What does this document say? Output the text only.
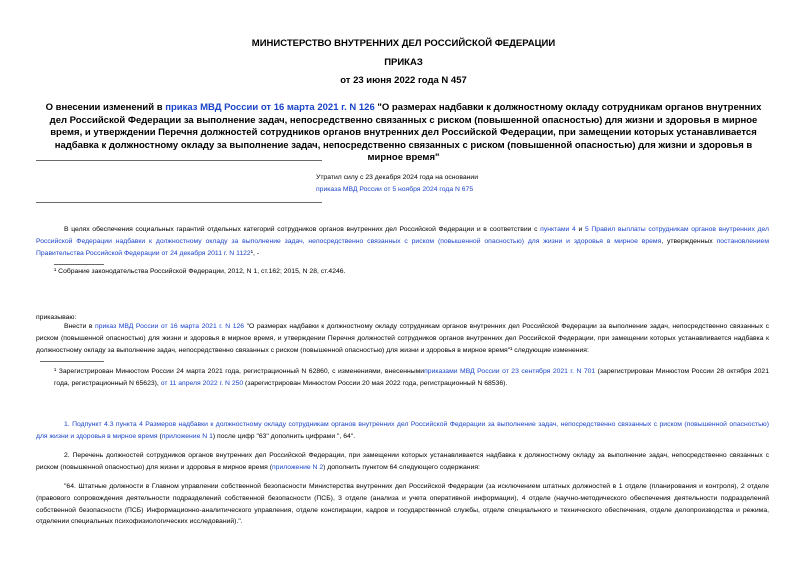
МИНИСТЕРСТВО ВНУТРЕННИХ ДЕЛ РОССИЙСКОЙ ФЕДЕРАЦИИ
ПРИКАЗ
от 23 июня 2022 года N 457
О внесении изменений в приказ МВД России от 16 марта 2021 г. N 126 "О размерах надбавки к должностному окладу сотрудникам органов внутренних дел Российской Федерации за выполнение задач, непосредственно связанных с риском (повышенной опасностью) для жизни и здоровья в мирное время, и утверждении Перечня должностей сотрудников органов внутренних дел Российской Федерации, при замещении которых устанавливается надбавка к должностному окладу за выполнение задач, непосредственно связанных с риском (повышенной опасностью) для жизни и здоровья в мирное время"
Утратил силу с 23 декабря 2024 года на основании
приказа МВД России от 5 ноября 2024 года N 675
В целях обеспечения социальных гарантий отдельных категорий сотрудников органов внутренних дел Российской Федерации и в соответствии с пунктами 4 и 5 Правил выплаты сотрудникам органов внутренних дел Российской Федерации надбавки к должностному окладу за выполнение задач, непосредственно связанных с риском (повышенной опасностью) для жизни и здоровья в мирное время, утвержденных постановлением Правительства Российской Федерации от 24 декабря 2011 г. N 1122¹, -
¹ Собрание законодательства Российской Федерации, 2012, N 1, ст.162; 2015, N 28, ст.4246.
приказываю:
Внести в приказ МВД России от 16 марта 2021 г. N 126 "О размерах надбавки к должностному окладу сотрудникам органов внутренних дел Российской Федерации за выполнение задач, непосредственно связанных с риском (повышенной опасностью) для жизни и здоровья в мирное время, и утверждении Перечня должностей сотрудников органов внутренних дел Российской Федерации, при замещении которых устанавливается надбавка к должностному окладу за выполнение задач, непосредственно связанных с риском (повышенной опасностью) для жизни и здоровья в мирное время"¹ следующие изменения:
¹ Зарегистрирован Минюстом России 24 марта 2021 года, регистрационный N 62860, с изменениями, внесеннымиприказами МВД России от 23 сентября 2021 г. N 701 (зарегистрирован Минюстом России 28 октября 2021 года, регистрационный N 65623), от 11 апреля 2022 г. N 250 (зарегистрирован Минюстом России 20 мая 2022 года, регистрационный N 68536).
1. Подпункт 4.3 пункта 4 Размеров надбавки к должностному окладу сотрудникам органов внутренних дел Российской Федерации за выполнение задач, непосредственно связанных с риском (повышенной опасностью) для жизни и здоровья в мирное время (приложение N 1) после цифр "63" дополнить цифрами ", 64".
2. Перечень должностей сотрудников органов внутренних дел Российской Федерации, при замещении которых устанавливается надбавка к должностному окладу за выполнение задач, непосредственно связанных с риском (повышенной опасностью) для жизни и здоровья в мирное время (приложение N 2) дополнить пунктом 64 следующего содержания:
"64. Штатные должности в Главном управлении собственной безопасности Министерства внутренних дел Российской Федерации (за исключением штатных должностей в 1 отделе (планирования и контроля), 2 отделе (правового сопровождения деятельности подразделений собственной безопасности (ПСБ), 3 отделе (анализа и учета оперативной информации), 4 отделе (научно-методического обеспечения деятельности подразделений собственной безопасности (ПСБ) Информационно-аналитического управления, отделе конспирации, кадров и государственной службы, отделе специального и технического обеспечения, отделе делопроизводства и режима, отделении специальных психофизиологических исследований).".
